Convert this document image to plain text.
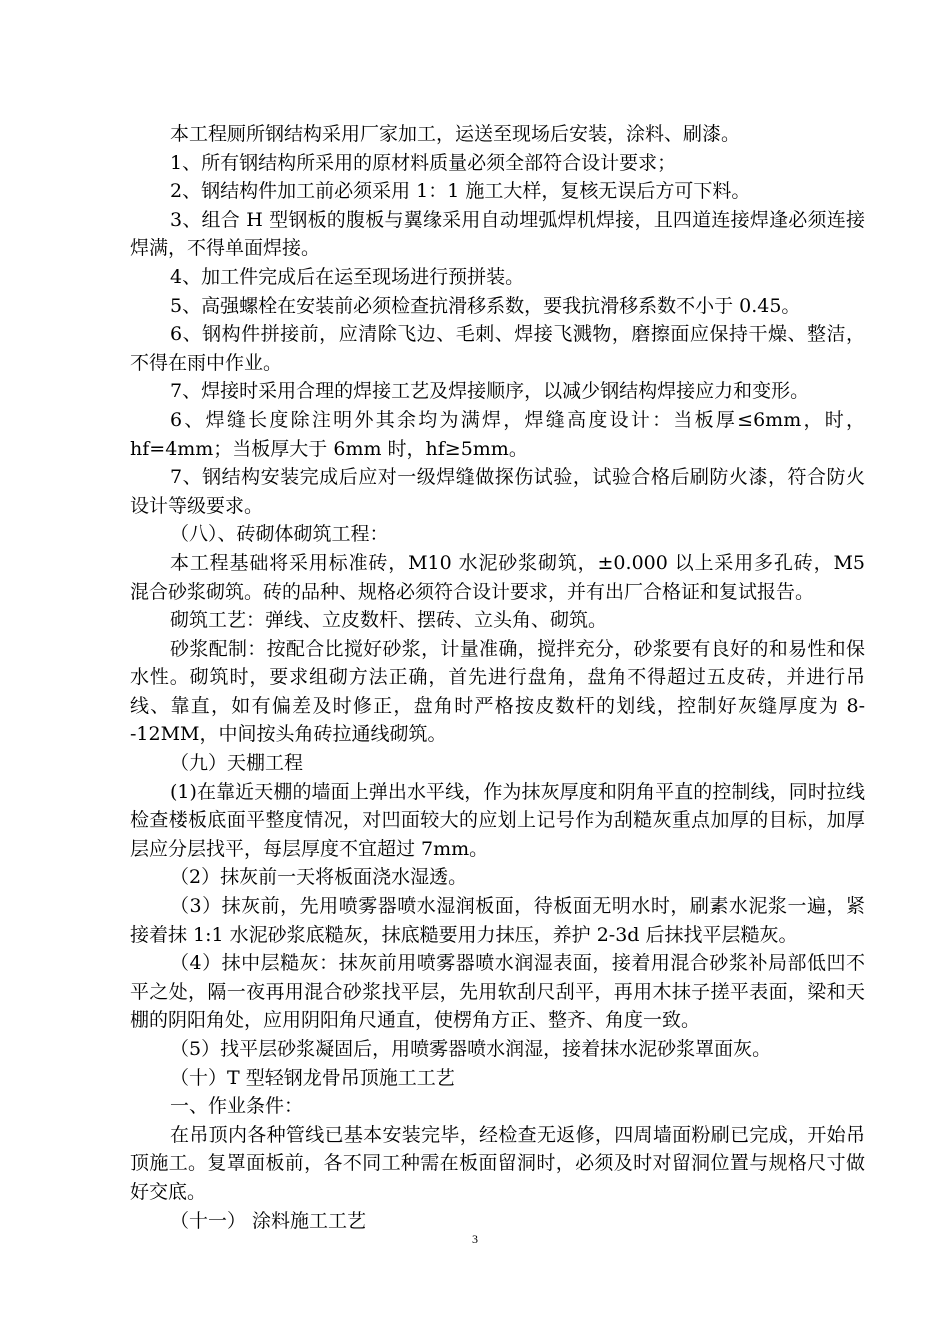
本工程厕所钢结构采用厂家加工，运送至现场后安装，涂料、刷漆。

1、所有钢结构所采用的原材料质量必须全部符合设计要求；

2、钢结构件加工前必须采用 1：1 施工大样，复核无误后方可下料。

3、组合 H 型钢板的腹板与翼缘采用自动埋弧焊机焊接，且四道连接焊逢必须连接焊满，不得单面焊接。

4、加工件完成后在运至现场进行预拼装。

5、高强螺栓在安装前必须检查抗滑移系数，要我抗滑移系数不小于 0.45。

6、钢构件拼接前，应清除飞边、毛刺、焊接飞溅物，磨擦面应保持干燥、整洁，不得在雨中作业。

7、焊接时采用合理的焊接工艺及焊接顺序，以减少钢结构焊接应力和变形。

6、焊缝长度除注明外其余均为满焊，焊缝高度设计：当板厚≤6mm，时，hf=4mm；当板厚大于 6mm 时，hf≥5mm。

7、钢结构安装完成后应对一级焊缝做探伤试验，试验合格后刷防火漆，符合防火设计等级要求。

（八）、砖砌体砌筑工程：

本工程基础将采用标准砖，M10 水泥砂浆砌筑，±0.000 以上采用多孔砖，M5 混合砂浆砌筑。砖的品种、规格必须符合设计要求，并有出厂合格证和复试报告。

砌筑工艺：弹线、立皮数杆、摆砖、立头角、砌筑。

砂浆配制：按配合比搅好砂浆，计量准确，搅拌充分，砂浆要有良好的和易性和保水性。砌筑时，要求组砌方法正确，首先进行盘角，盘角不得超过五皮砖，并进行吊线、靠直，如有偏差及时修正，盘角时严格按皮数杆的划线，控制好灰缝厚度为 8--12MM，中间按头角砖拉通线砌筑。

（九）天棚工程

(1)在靠近天棚的墙面上弹出水平线，作为抹灰厚度和阴角平直的控制线，同时拉线检查楼板底面平整度情况，对凹面较大的应划上记号作为刮糙灰重点加厚的目标，加厚层应分层找平，每层厚度不宜超过 7mm。

（2）抹灰前一天将板面浇水湿透。

（3）抹灰前，先用喷雾器喷水湿润板面，待板面无明水时，刷素水泥浆一遍，紧接着抹 1:1 水泥砂浆底糙灰，抹底糙要用力抹压，养护 2-3d 后抹找平层糙灰。

（4）抹中层糙灰：抹灰前用喷雾器喷水润湿表面，接着用混合砂浆补局部低凹不平之处，隔一夜再用混合砂浆找平层，先用软刮尺刮平，再用木抹子搓平表面，梁和天棚的阴阳角处，应用阴阳角尺通直，使楞角方正、整齐、角度一致。

（5）找平层砂浆凝固后，用喷雾器喷水润湿，接着抹水泥砂浆罩面灰。

（十）T 型轻钢龙骨吊顶施工工艺

一、作业条件：

在吊顶内各种管线已基本安装完毕，经检查无返修，四周墙面粉刷已完成，开始吊顶施工。复罩面板前，各不同工种需在板面留洞时，必须及时对留洞位置与规格尺寸做好交底。

（十一） 涂料施工工艺

3
